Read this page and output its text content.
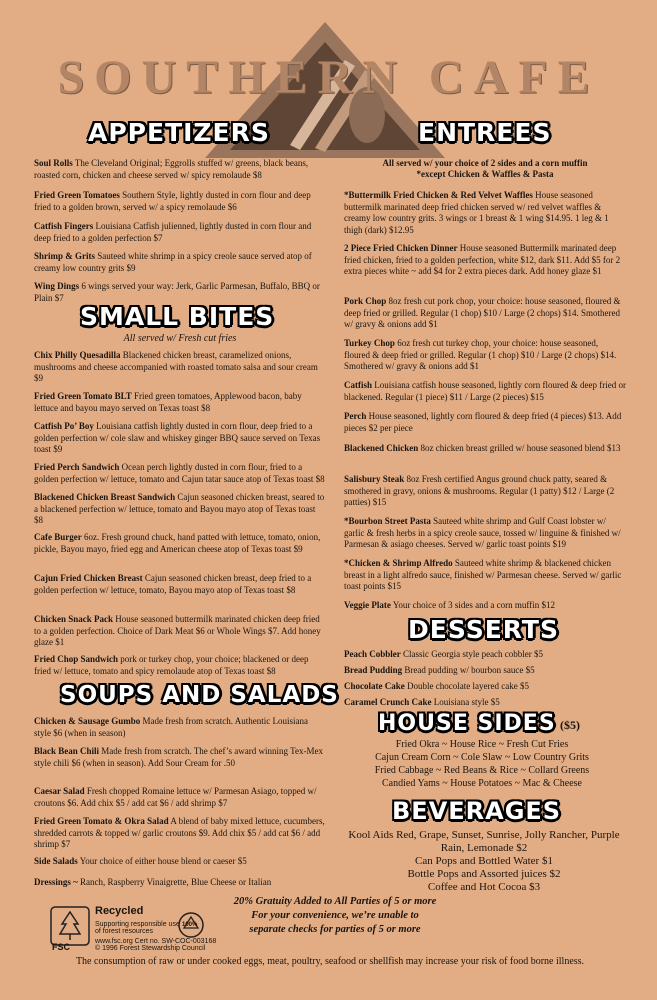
SOUTHERN CAFE
APPETIZERS
Soul Rolls The Cleveland Original; Eggrolls stuffed w/ greens, black beans, roasted corn, chicken and cheese served w/ spicy remolaude $8
Fried Green Tomatoes Southern Style, lightly dusted in corn flour and deep fried to a golden brown, served w/ a spicy remolaude $6
Catfish Fingers Louisiana Catfish julienned, lightly dusted in corn flour and deep fried to a golden perfection $7
Shrimp & Grits Sauteed white shrimp in a spicy creole sauce served atop of creamy low country grits $9
Wing Dings 6 wings served your way: Jerk, Garlic Parmesan, Buffalo, BBQ or Plain $7
SMALL BITES
All served w/ Fresh cut fries
Chix Philly Quesadilla Blackened chicken breast, caramelized onions, mushrooms and cheese accompanied with roasted tomato salsa and sour cream $9
Fried Green Tomato BLT Fried green tomatoes, Applewood bacon, baby lettuce and bayou mayo served on Texas toast $8
Catfish Po’ Boy Louisiana catfish lightly dusted in corn flour, deep fried to a golden perfection w/ cole slaw and whiskey ginger BBQ sauce served on Texas toast $9
Fried Perch Sandwich Ocean perch lightly dusted in corn flour, fried to a golden perfection w/ lettuce, tomato and Cajun tatar sauce atop of Texas toast $8
Blackened Chicken Breast Sandwich Cajun seasoned chicken breast, seared to a blackened perfection w/ lettuce, tomato and Bayou mayo atop of Texas toast $8
Cafe Burger 6oz. Fresh ground chuck, hand patted with lettuce, tomato, onion, pickle, Bayou mayo, fried egg and American cheese atop of Texas toast $9
Cajun Fried Chicken Breast Cajun seasoned chicken breast, deep fried to a golden perfection w/ lettuce, tomato, Bayou mayo atop of Texas toast $8
Chicken Snack Pack House seasoned buttermilk marinated chicken deep fried to a golden perfection. Choice of Dark Meat $6 or Whole Wings $7. Add honey glaze $1
Fried Chop Sandwich pork or turkey chop, your choice; blackened or deep fried w/ lettuce, tomato and spicy remolaude atop of Texas toast $8
SOUPS AND SALADS
Chicken & Sausage Gumbo Made fresh from scratch. Authentic Louisiana style $6 (when in season)
Black Bean Chili Made fresh from scratch. The chef’s award winning Tex-Mex style chili $6 (when in season). Add Sour Cream for .50
Caesar Salad Fresh chopped Romaine lettuce w/ Parmesan Asiago, topped w/ croutons $6. Add chix $5 / add cat $6 / add shrimp $7
Fried Green Tomato & Okra Salad A blend of baby mixed lettuce, cucumbers, shredded carrots & topped w/ garlic croutons $9. Add chix $5 / add cat $6 / add shrimp $7
Side Salads Your choice of either house blend or caeser $5
Dressings ~ Ranch, Raspberry Vinaigrette, Blue Cheese or Italian
ENTREES
All served w/ your choice of 2 sides and a corn muffin
*except Chicken & Waffles & Pasta
*Buttermilk Fried Chicken & Red Velvet Waffles House seasoned buttermilk marinated deep fried chicken served w/ red velvet waffles & creamy low country grits. 3 wings or 1 breast & 1 wing $14.95. 1 leg & 1 thigh (dark) $12.95
2 Piece Fried Chicken Dinner House seasoned Buttermilk marinated deep fried chicken, fried to a golden perfection, white $12, dark $11. Add $5 for 2 extra pieces white ~ add $4 for 2 extra pieces dark. Add honey glaze $1
Pork Chop 8oz fresh cut pork chop, your choice: house seasoned, floured & deep fried or grilled. Regular (1 chop) $10 / Large (2 chops) $14. Smothered w/ gravy & onions add $1
Turkey Chop 6oz fresh cut turkey chop, your choice: house seasoned, floured & deep fried or grilled. Regular (1 chop) $10 / Large (2 chops) $14. Smothered w/ gravy & onions add $1
Catfish Louisiana catfish house seasoned, lightly corn floured & deep fried or blackened. Regular (1 piece) $11 / Large (2 pieces) $15
Perch House seasoned, lightly corn floured & deep fried (4 pieces) $13. Add pieces $2 per piece
Blackened Chicken 8oz chicken breast grilled w/ house seasoned blend $13
Salisbury Steak 8oz Fresh certified Angus ground chuck patty, seared & smothered in gravy, onions & mushrooms. Regular (1 patty) $12 / Large (2 patties) $15
*Bourbon Street Pasta Sauteed white shrimp and Gulf Coast lobster w/ garlic & fresh herbs in a spicy creole sauce, tossed w/ linguine & finished w/ Parmesan & asiago cheeses. Served w/ garlic toast points $19
*Chicken & Shrimp Alfredo Sauteed white shrimp & blackened chicken breast in a light alfredo sauce, finished w/ Parmesan cheese. Served w/ garlic toast points $15
Veggie Plate Your choice of 3 sides and a corn muffin $12
DESSERTS
Peach Cobbler Classic Georgia style peach cobbler $5
Bread Pudding Bread pudding w/ bourbon sauce $5
Chocolate Cake Double chocolate layered cake $5
Caramel Crunch Cake Louisiana style $5
HOUSE SIDES ($5)
Fried Okra ~ House Rice ~ Fresh Cut Fries
Cajun Cream Corn ~ Cole Slaw ~ Low Country Grits
Fried Cabbage ~ Red Beans & Rice ~ Collard Greens
Candied Yams ~ House Potatoes ~ Mac & Cheese
BEVERAGES
Kool Aids Red, Grape, Sunset, Sunrise, Jolly Rancher, Purple
Rain, Lemonade $2
Can Pops and Bottled Water $1
Bottle Pops and Assorted juices $2
Coffee and Hot Cocoa $3
20% Gratuity Added to All Parties of 5 or more
For your convenience, we’re unable to
separate checks for parties of 5 or more
FSC
Recycled
Supporting responsible use
of forest resources
www.fsc.org Cert no. SW-COC-003168
© 1996 Forest Stewardship Council
100%
The consumption of raw or under cooked eggs, meat, poultry, seafood or shellfish may increase your risk of food borne illness.
